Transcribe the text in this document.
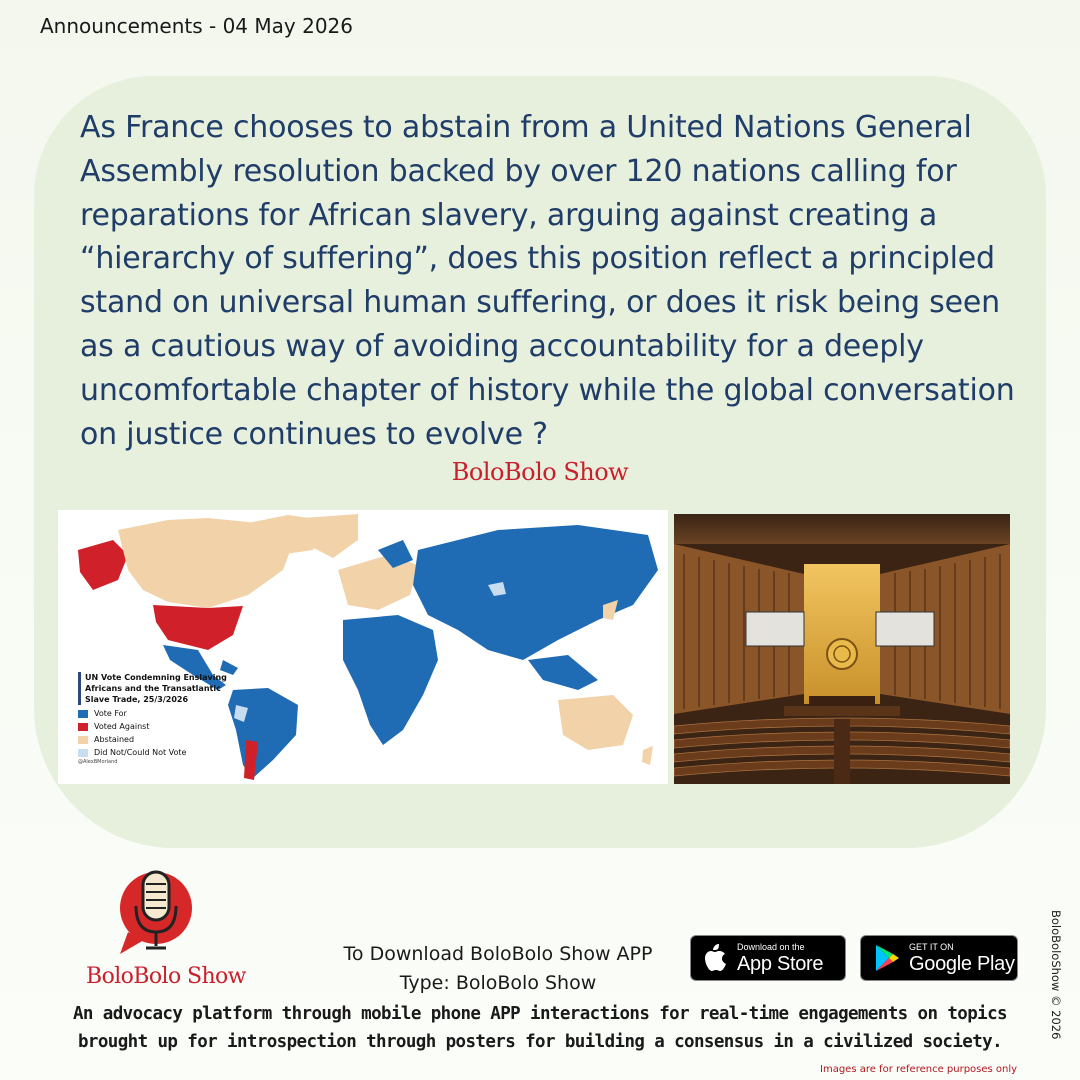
Announcements - 04 May 2026
As France chooses to abstain from a United Nations General Assembly resolution backed by over 120 nations calling for reparations for African slavery, arguing against creating a “hierarchy of suffering”, does this position reflect a principled stand on universal human suffering, or does it risk being seen as a cautious way of avoiding accountability for a deeply uncomfortable chapter of history while the global conversation on justice continues to evolve ?
BoloBolo Show
UN Vote Condemning Enslaving Africans and the Transatlantic Slave Trade, 25/3/2026
Vote For
Voted Against
Abstained
Did Not/Could Not Vote
@AlexBMorland
BoloBolo Show
To Download BoloBolo Show APP
Type: BoloBolo Show
Download on the
App Store
GET IT ON
Google Play
An advocacy platform through mobile phone APP interactions for real-time engagements on topics
brought up for introspection through posters for building a consensus in a civilized society.
BoloBoloShow © 2026
Images are for reference purposes only
